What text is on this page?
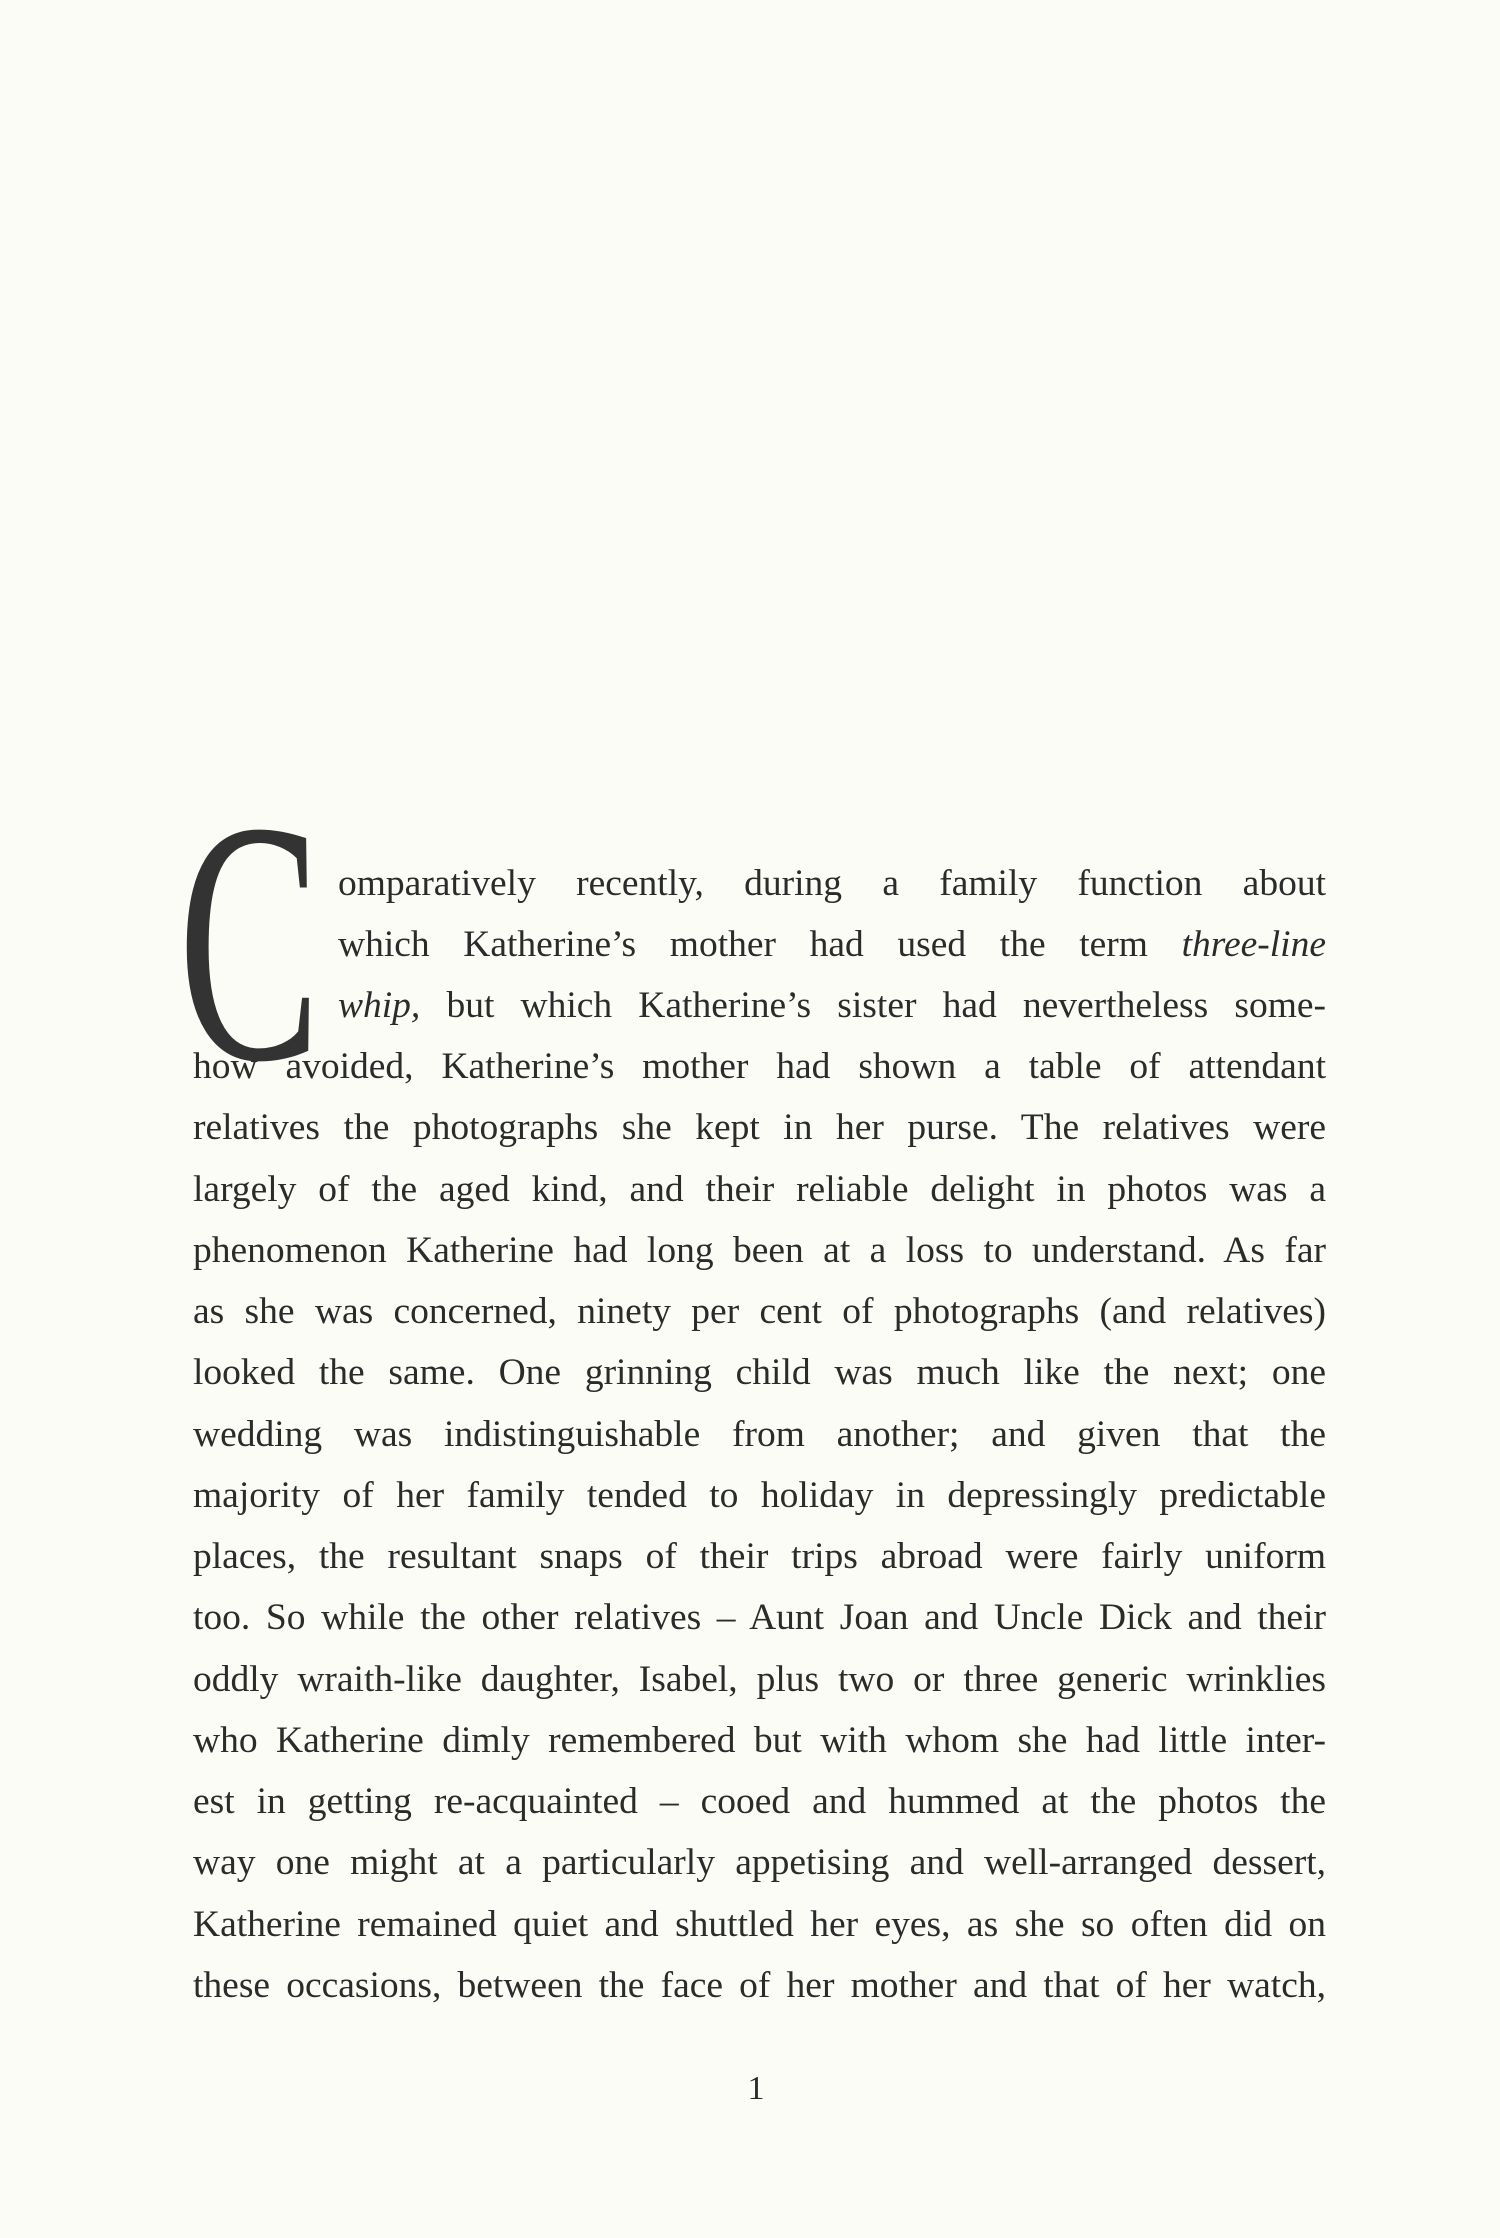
C omparatively recently, during a family function about
which Katherine’s mother had used the term three-line
whip, but which Katherine’s sister had nevertheless some-
how avoided, Katherine’s mother had shown a table of attendant
relatives the photographs she kept in her purse. The relatives were
largely of the aged kind, and their reliable delight in photos was a
phenomenon Katherine had long been at a loss to understand. As far
as she was concerned, ninety per cent of photographs (and relatives)
looked the same. One grinning child was much like the next; one
wedding was indistinguishable from another; and given that the
majority of her family tended to holiday in depressingly predictable
places, the resultant snaps of their trips abroad were fairly uniform
too. So while the other relatives – Aunt Joan and Uncle Dick and their
oddly wraith-like daughter, Isabel, plus two or three generic wrinklies
who Katherine dimly remembered but with whom she had little inter-
est in getting re-acquainted – cooed and hummed at the photos the
way one might at a particularly appetising and well-arranged dessert,
Katherine remained quiet and shuttled her eyes, as she so often did on
these occasions, between the face of her mother and that of her watch,
1
